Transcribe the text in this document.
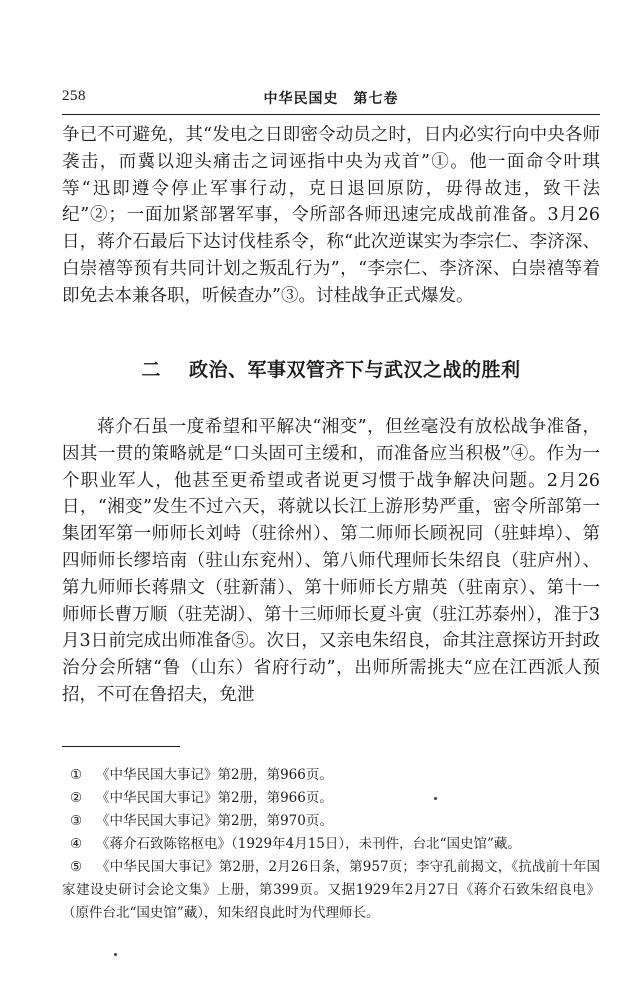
258	中华民国史　第七卷

争已不可避免，其“发电之日即密令动员之时，日内必实行向中央各师袭击，而冀以迎头痛击之词诬指中央为戎首”①。他一面命令叶琪等“迅即遵令停止军事行动，克日退回原防，毋得故违，致干法纪”②；一面加紧部署军事，令所部各师迅速完成战前准备。3月26日，蒋介石最后下达讨伐桂系令，称“此次逆谋实为李宗仁、李济深、白崇禧等预有共同计划之叛乱行为”，“李宗仁、李济深、白崇禧等着即免去本兼各职，听候查办”③。讨桂战争正式爆发。

二 政治、军事双管齐下与武汉之战的胜利

蒋介石虽一度希望和平解决“湘变”，但丝毫没有放松战争准备，因其一贯的策略就是“口头固可主缓和，而准备应当积极”④。作为一个职业军人，他甚至更希望或者说更习惯于战争解决问题。2月26日，“湘变”发生不过六天，蒋就以长江上游形势严重，密令所部第一集团军第一师师长刘峙（驻徐州）、第二师师长顾祝同（驻蚌埠）、第四师师长缪培南（驻山东兖州）、第八师代理师长朱绍良（驻庐州）、第九师师长蒋鼎文（驻新蒲）、第十师师长方鼎英（驻南京）、第十一师师长曹万顺（驻芜湖）、第十三师师长夏斗寅（驻江苏泰州），准于3月3日前完成出师准备⑤。次日，又亲电朱绍良，命其注意探访开封政治分会所辖“鲁（山东）省府行动”，出师所需挑夫“应在江西派人预招，不可在鲁招夫，免泄

① 《中华民国大事记》第2册，第966页。

② 《中华民国大事记》第2册，第966页。

③ 《中华民国大事记》第2册，第970页。

④ 《蒋介石致陈铭枢电》（1929年4月15日），未刊件，台北“国史馆”藏。

⑤ 《中华民国大事记》第2册，2月26日条，第957页；李守孔前揭文，《抗战前十年国家建设史研讨会论文集》上册，第399页。又据1929年2月27日《蒋介石致朱绍良电》（原件台北“国史馆”藏），知朱绍良此时为代理师长。
